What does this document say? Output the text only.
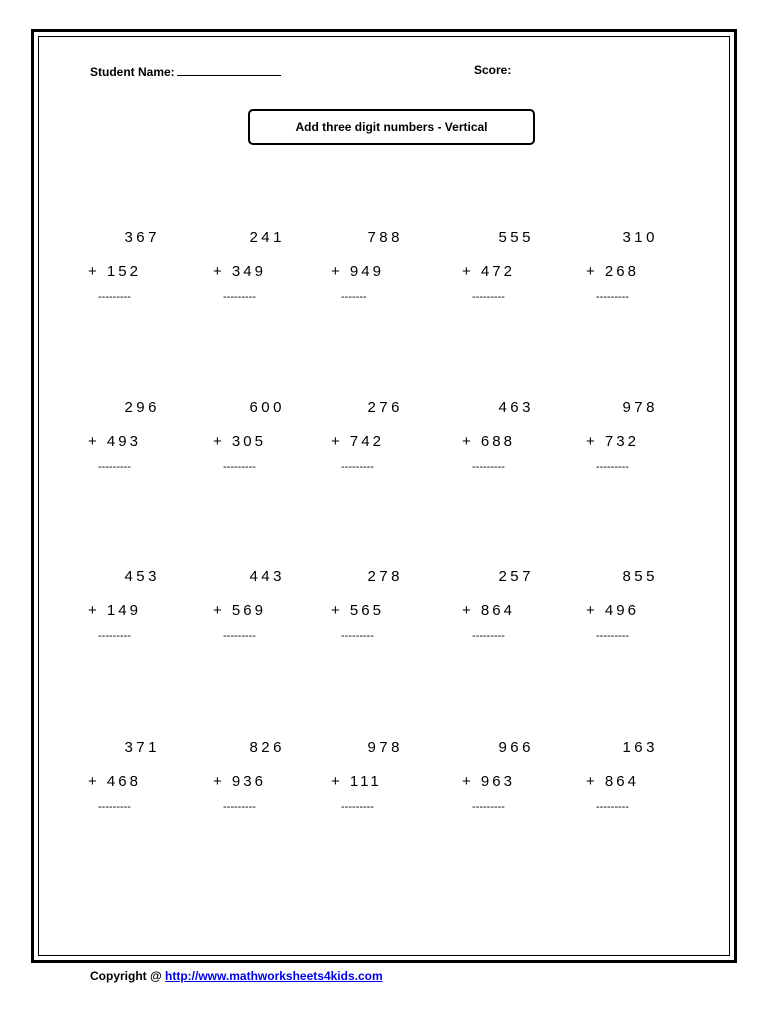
Student Name:	Score:
Add three digit numbers - Vertical
367
+ 152
---------
241
+ 349
---------
788
+ 949
-------
555
+ 472
---------
310
+ 268
---------
296
+ 493
---------
600
+ 305
---------
276
+ 742
---------
463
+ 688
---------
978
+ 732
---------
453
+ 149
---------
443
+ 569
---------
278
+ 565
---------
257
+ 864
---------
855
+ 496
---------
371
+ 468
---------
826
+ 936
---------
978
+ 111
---------
966
+ 963
---------
163
+ 864
---------
Copyright @ http://www.mathworksheets4kids.com
